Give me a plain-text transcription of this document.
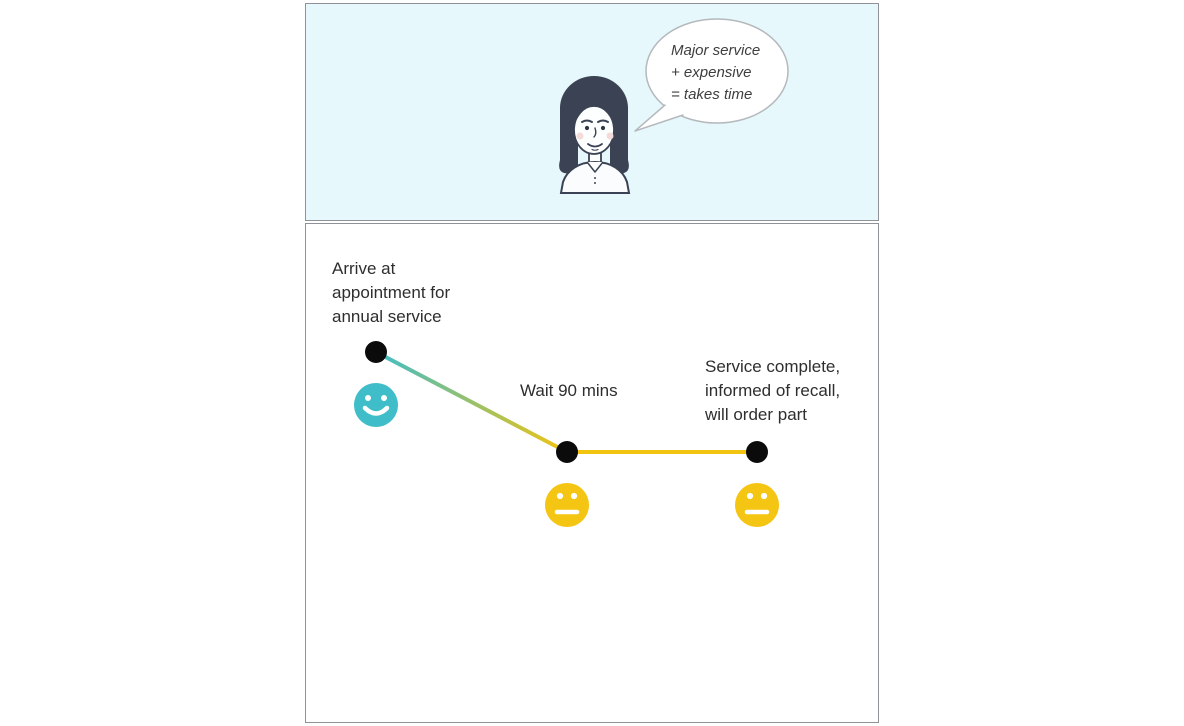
Major service
+ expensive
= takes time
Arrive at
appointment for
annual service
Wait 90 mins
Service complete,
informed of recall,
will order part
